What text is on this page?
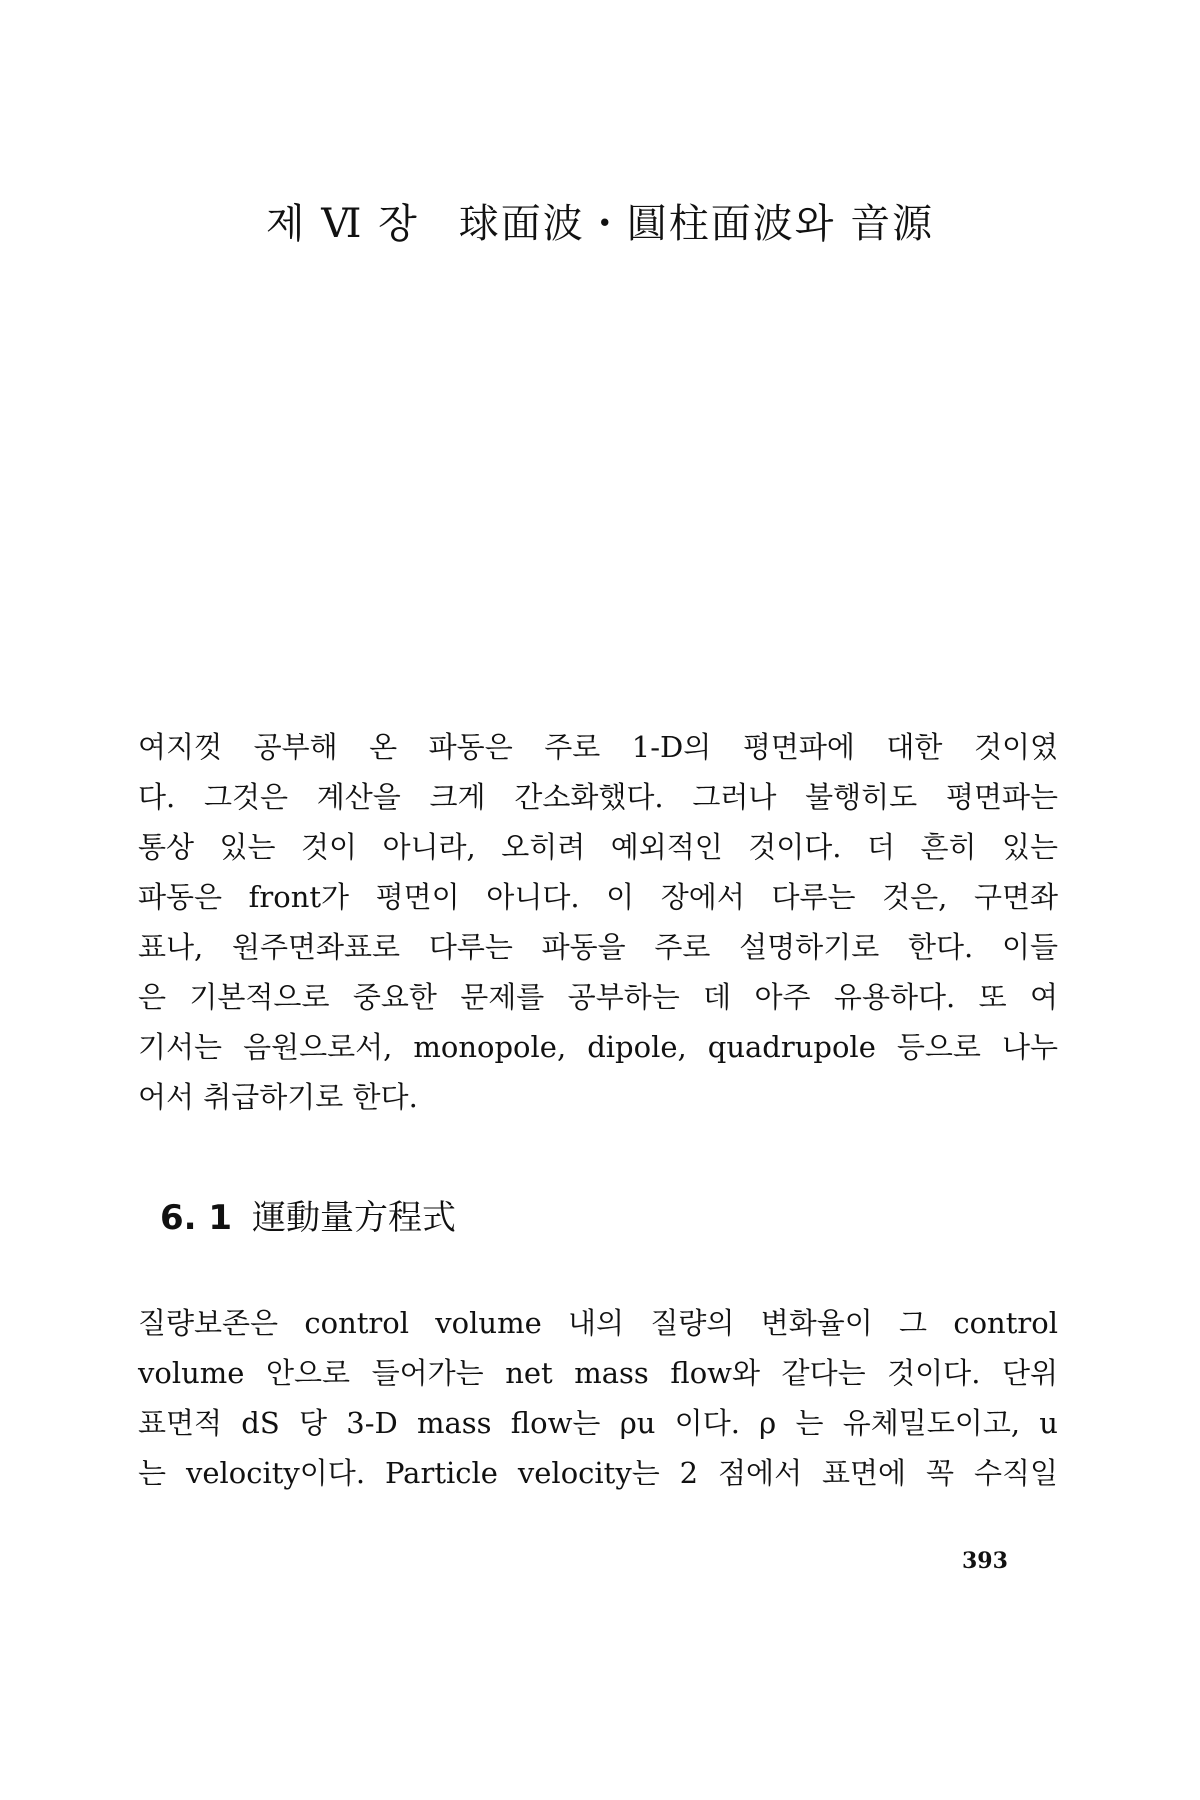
제 Ⅵ 장 球面波・圓柱面波와 音源
여지껏 공부해 온 파동은 주로 1-D의 평면파에 대한 것이였
다. 그것은 계산을 크게 간소화했다. 그러나 불행히도 평면파는
통상 있는 것이 아니라, 오히려 예외적인 것이다. 더 흔히 있는
파동은 front가 평면이 아니다. 이 장에서 다루는 것은, 구면좌
표나, 원주면좌표로 다루는 파동을 주로 설명하기로 한다. 이들
은 기본적으로 중요한 문제를 공부하는 데 아주 유용하다. 또 여
기서는 음원으로서, monopole, dipole, quadrupole 등으로 나누
어서 취급하기로 한다.
6. 1 運動量方程式
질량보존은 control volume 내의 질량의 변화율이 그 control
volume 안으로 들어가는 net mass flow와 같다는 것이다. 단위
표면적 dS 당 3-D mass flow는 ρu 이다. ρ 는 유체밀도이고, u
는 velocity이다. Particle velocity는 2 점에서 표면에 꼭 수직일
393
